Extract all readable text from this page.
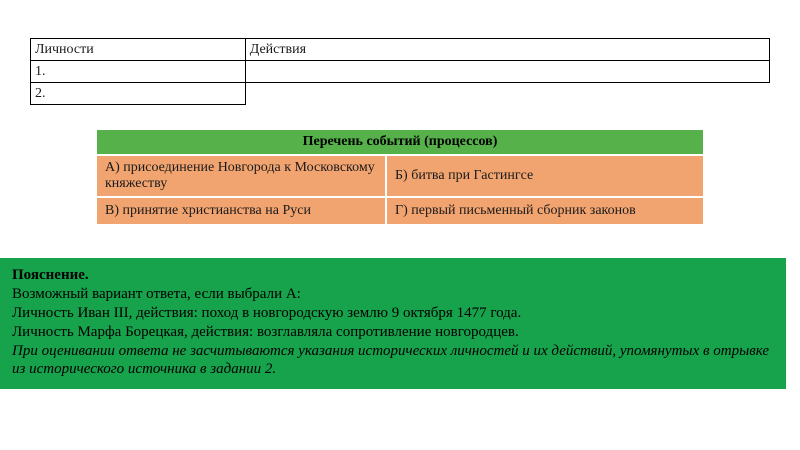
Личности	Действия
1.	
2.	
Перечень событий (процессов)	
А) присоединение Новгорода к Московскому княжеству	Б) битва при Гастингсе
В) принятие христианства на Руси	Г) первый письменный сборник законов
Пояснение.
Возможный вариант ответа, если выбрали А:
Личность Иван III, действия: поход в новгородскую землю 9 октября 1477 года.
Личность Марфа Борецкая, действия: возглавляла сопротивление новгородцев.
При оценивании ответа не засчитываются указания исторических личностей и их действий, упомянутых в отрывке из исторического источника в задании 2.
